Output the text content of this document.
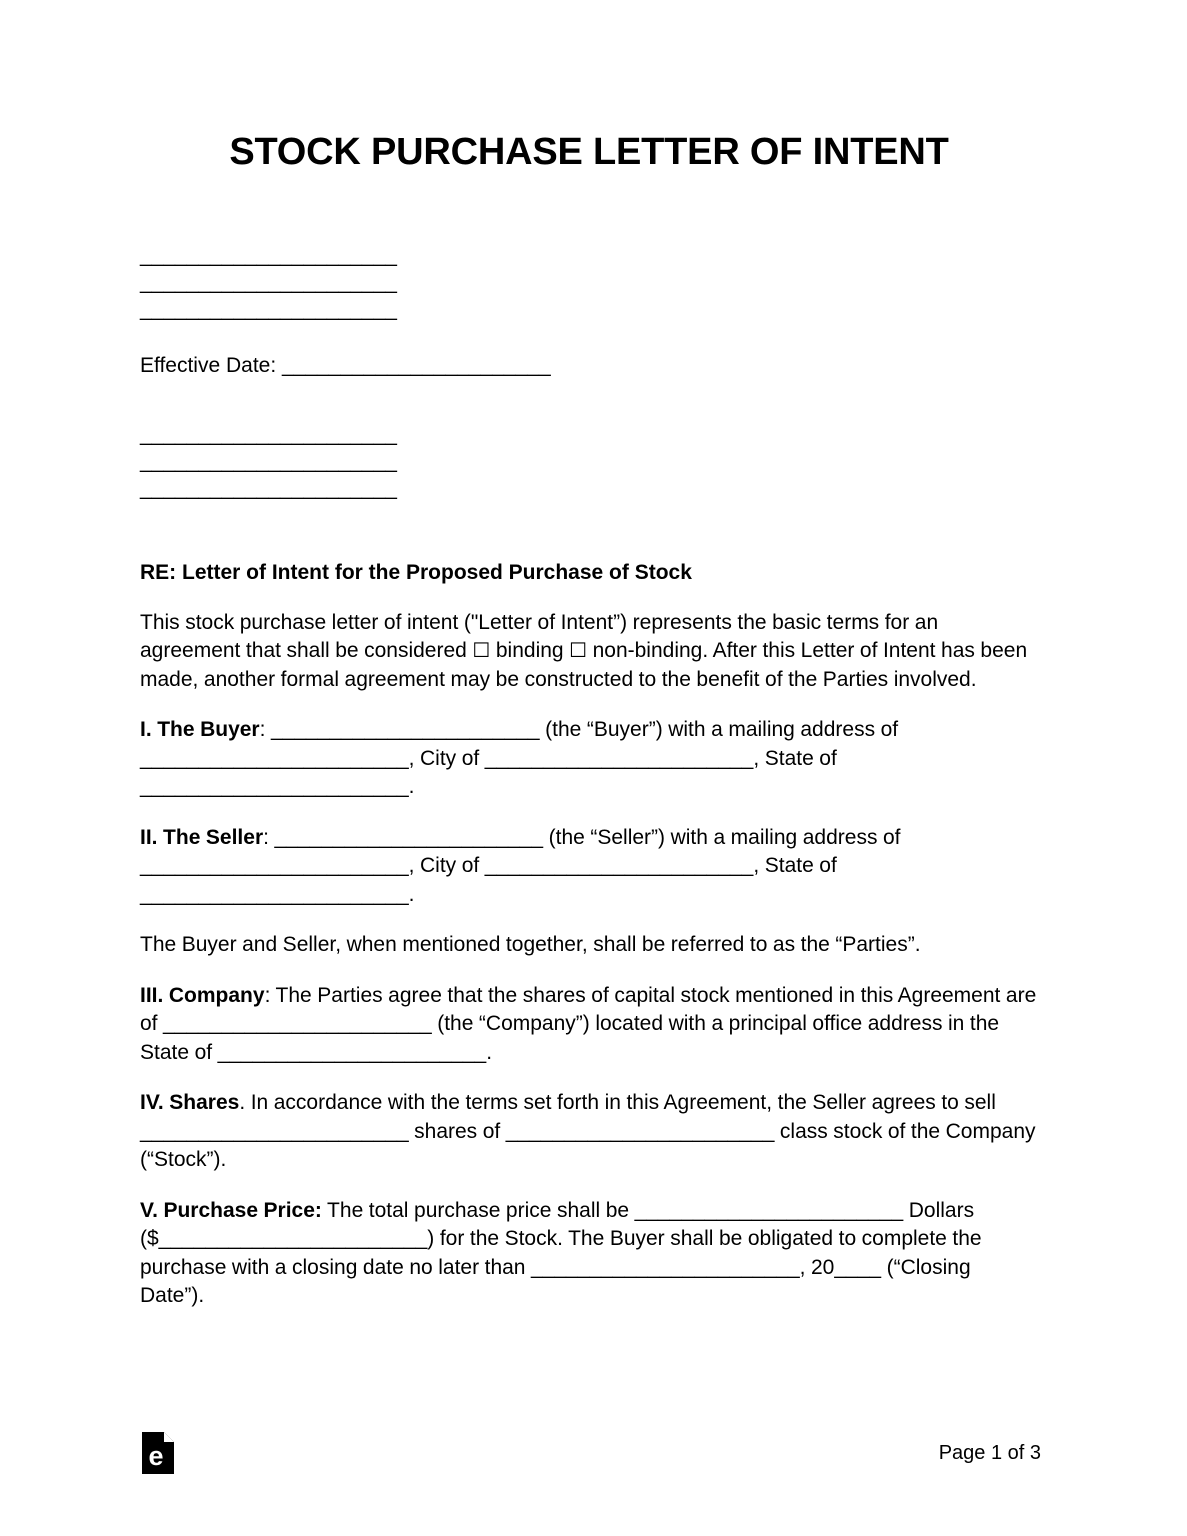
STOCK PURCHASE LETTER OF INTENT
______________________
______________________
______________________
Effective Date: _______________________
______________________
______________________
______________________
RE: Letter of Intent for the Proposed Purchase of Stock

This stock purchase letter of intent ("Letter of Intent”) represents the basic terms for an agreement that shall be considered ☐ binding ☐ non-binding. After this Letter of Intent has been made, another formal agreement may be constructed to the benefit of the Parties involved.

I. The Buyer: _______________________ (the “Buyer”) with a mailing address of _______________________, City of _______________________, State of _______________________.

II. The Seller: _______________________ (the “Seller”) with a mailing address of _______________________, City of _______________________, State of _______________________.

The Buyer and Seller, when mentioned together, shall be referred to as the “Parties”.

III. Company: The Parties agree that the shares of capital stock mentioned in this Agreement are of _______________________ (the “Company”) located with a principal office address in the State of _______________________.

IV. Shares. In accordance with the terms set forth in this Agreement, the Seller agrees to sell _______________________ shares of _______________________ class stock of the Company (“Stock”).

V. Purchase Price: The total purchase price shall be _______________________ Dollars ($_______________________) for the Stock. The Buyer shall be obligated to complete the purchase with a closing date no later than _______________________, 20____ (“Closing Date”).

e	Page 1 of 3
